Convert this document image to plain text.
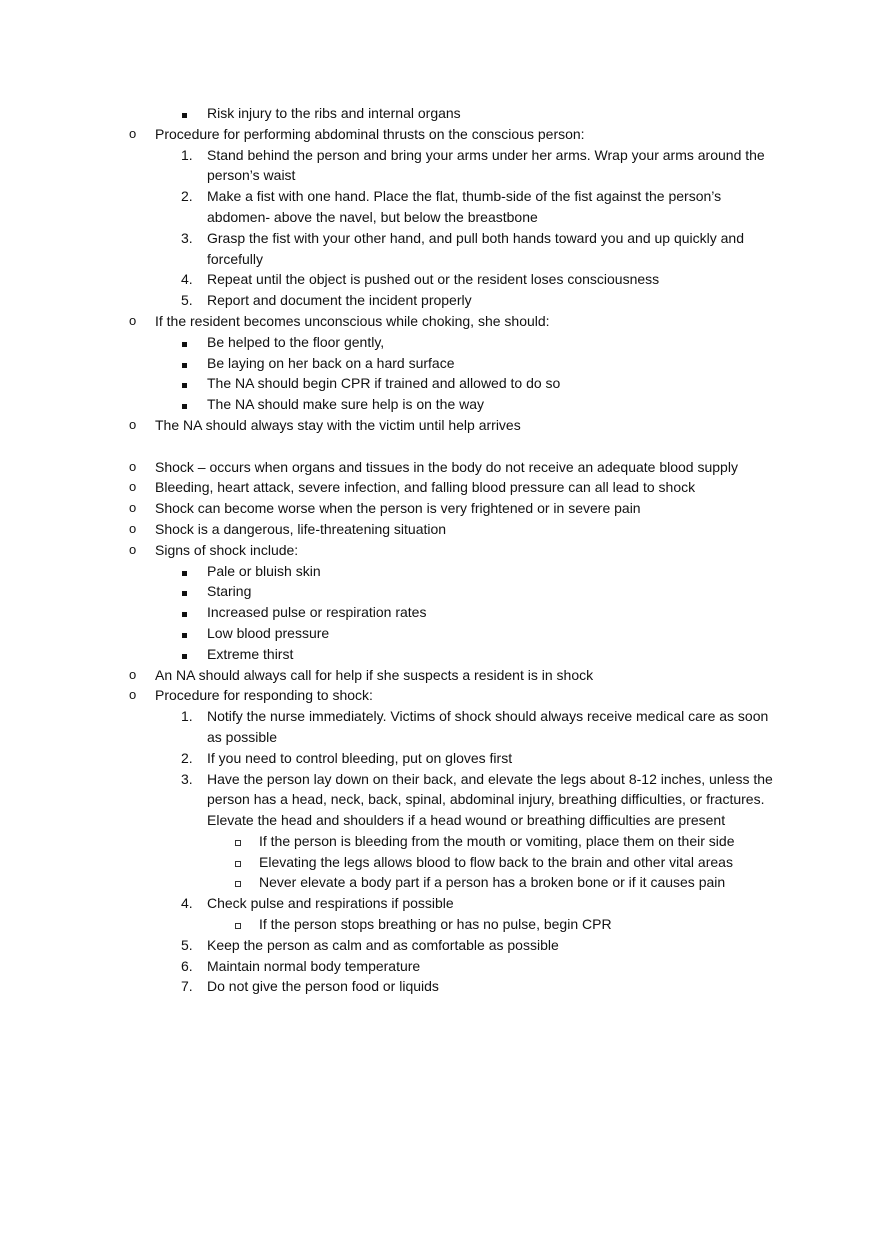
Risk injury to the ribs and internal organs
o Procedure for performing abdominal thrusts on the conscious person:
1. Stand behind the person and bring your arms under her arms. Wrap your arms around the person’s waist
2. Make a fist with one hand. Place the flat, thumb-side of the fist against the person’s abdomen- above the navel, but below the breastbone
3. Grasp the fist with your other hand, and pull both hands toward you and up quickly and forcefully
4. Repeat until the object is pushed out or the resident loses consciousness
5. Report and document the incident properly
o If the resident becomes unconscious while choking, she should:
Be helped to the floor gently,
Be laying on her back on a hard surface
The NA should begin CPR if trained and allowed to do so
The NA should make sure help is on the way
o The NA should always stay with the victim until help arrives
o Shock – occurs when organs and tissues in the body do not receive an adequate blood supply
o Bleeding, heart attack, severe infection, and falling blood pressure can all lead to shock
o Shock can become worse when the person is very frightened or in severe pain
o Shock is a dangerous, life-threatening situation
o Signs of shock include:
Pale or bluish skin
Staring
Increased pulse or respiration rates
Low blood pressure
Extreme thirst
o An NA should always call for help if she suspects a resident is in shock
o Procedure for responding to shock:
1. Notify the nurse immediately. Victims of shock should always receive medical care as soon as possible
2. If you need to control bleeding, put on gloves first
3. Have the person lay down on their back, and elevate the legs about 8-12 inches, unless the person has a head, neck, back, spinal, abdominal injury, breathing difficulties, or fractures. Elevate the head and shoulders if a head wound or breathing difficulties are present
If the person is bleeding from the mouth or vomiting, place them on their side
Elevating the legs allows blood to flow back to the brain and other vital areas
Never elevate a body part if a person has a broken bone or if it causes pain
4. Check pulse and respirations if possible
If the person stops breathing or has no pulse, begin CPR
5. Keep the person as calm and as comfortable as possible
6. Maintain normal body temperature
7. Do not give the person food or liquids
